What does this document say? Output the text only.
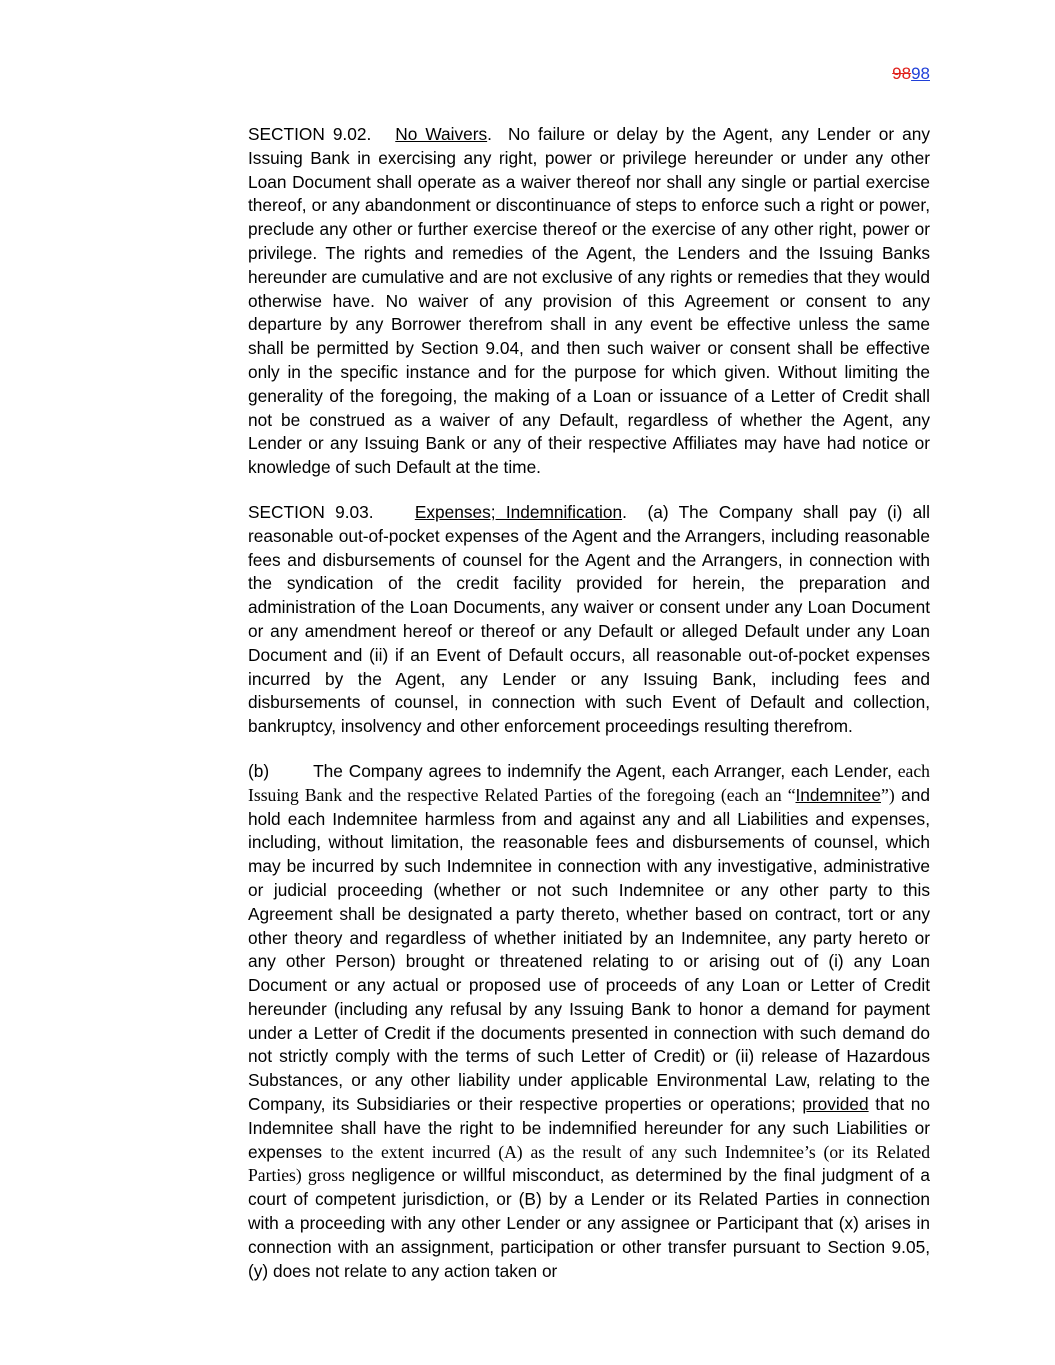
9898

SECTION 9.02. No Waivers. No failure or delay by the Agent, any Lender or any Issuing Bank in exercising any right, power or privilege hereunder or under any other Loan Document shall operate as a waiver thereof nor shall any single or partial exercise thereof, or any abandonment or discontinuance of steps to enforce such a right or power, preclude any other or further exercise thereof or the exercise of any other right, power or privilege. The rights and remedies of the Agent, the Lenders and the Issuing Banks hereunder are cumulative and are not exclusive of any rights or remedies that they would otherwise have. No waiver of any provision of this Agreement or consent to any departure by any Borrower therefrom shall in any event be effective unless the same shall be permitted by Section 9.04, and then such waiver or consent shall be effective only in the specific instance and for the purpose for which given. Without limiting the generality of the foregoing, the making of a Loan or issuance of a Letter of Credit shall not be construed as a waiver of any Default, regardless of whether the Agent, any Lender or any Issuing Bank or any of their respective Affiliates may have had notice or knowledge of such Default at the time.

SECTION 9.03. Expenses; Indemnification. (a) The Company shall pay (i) all reasonable out-of-pocket expenses of the Agent and the Arrangers, including reasonable fees and disbursements of counsel for the Agent and the Arrangers, in connection with the syndication of the credit facility provided for herein, the preparation and administration of the Loan Documents, any waiver or consent under any Loan Document or any amendment hereof or thereof or any Default or alleged Default under any Loan Document and (ii) if an Event of Default occurs, all reasonable out-of-pocket expenses incurred by the Agent, any Lender or any Issuing Bank, including fees and disbursements of counsel, in connection with such Event of Default and collection, bankruptcy, insolvency and other enforcement proceedings resulting therefrom.

(b)	The Company agrees to indemnify the Agent, each Arranger, each Lender, each Issuing Bank and the respective Related Parties of the foregoing (each an “Indemnitee”) and hold each Indemnitee harmless from and against any and all Liabilities and expenses, including, without limitation, the reasonable fees and disbursements of counsel, which may be incurred by such Indemnitee in connection with any investigative, administrative or judicial proceeding (whether or not such Indemnitee or any other party to this Agreement shall be designated a party thereto, whether based on contract, tort or any other theory and regardless of whether initiated by an Indemnitee, any party hereto or any other Person) brought or threatened relating to or arising out of (i) any Loan Document or any actual or proposed use of proceeds of any Loan or Letter of Credit hereunder (including any refusal by any Issuing Bank to honor a demand for payment under a Letter of Credit if the documents presented in connection with such demand do not strictly comply with the terms of such Letter of Credit) or (ii) release of Hazardous Substances, or any other liability under applicable Environmental Law, relating to the Company, its Subsidiaries or their respective properties or operations; provided that no Indemnitee shall have the right to be indemnified hereunder for any such Liabilities or expenses to the extent incurred (A) as the result of any such Indemnitee’s (or its Related Parties) gross negligence or willful misconduct, as determined by the final judgment of a court of competent jurisdiction, or (B) by a Lender or its Related Parties in connection with a proceeding with any other Lender or any assignee or Participant that (x) arises in connection with an assignment, participation or other transfer pursuant to Section 9.05, (y) does not relate to any action taken or
